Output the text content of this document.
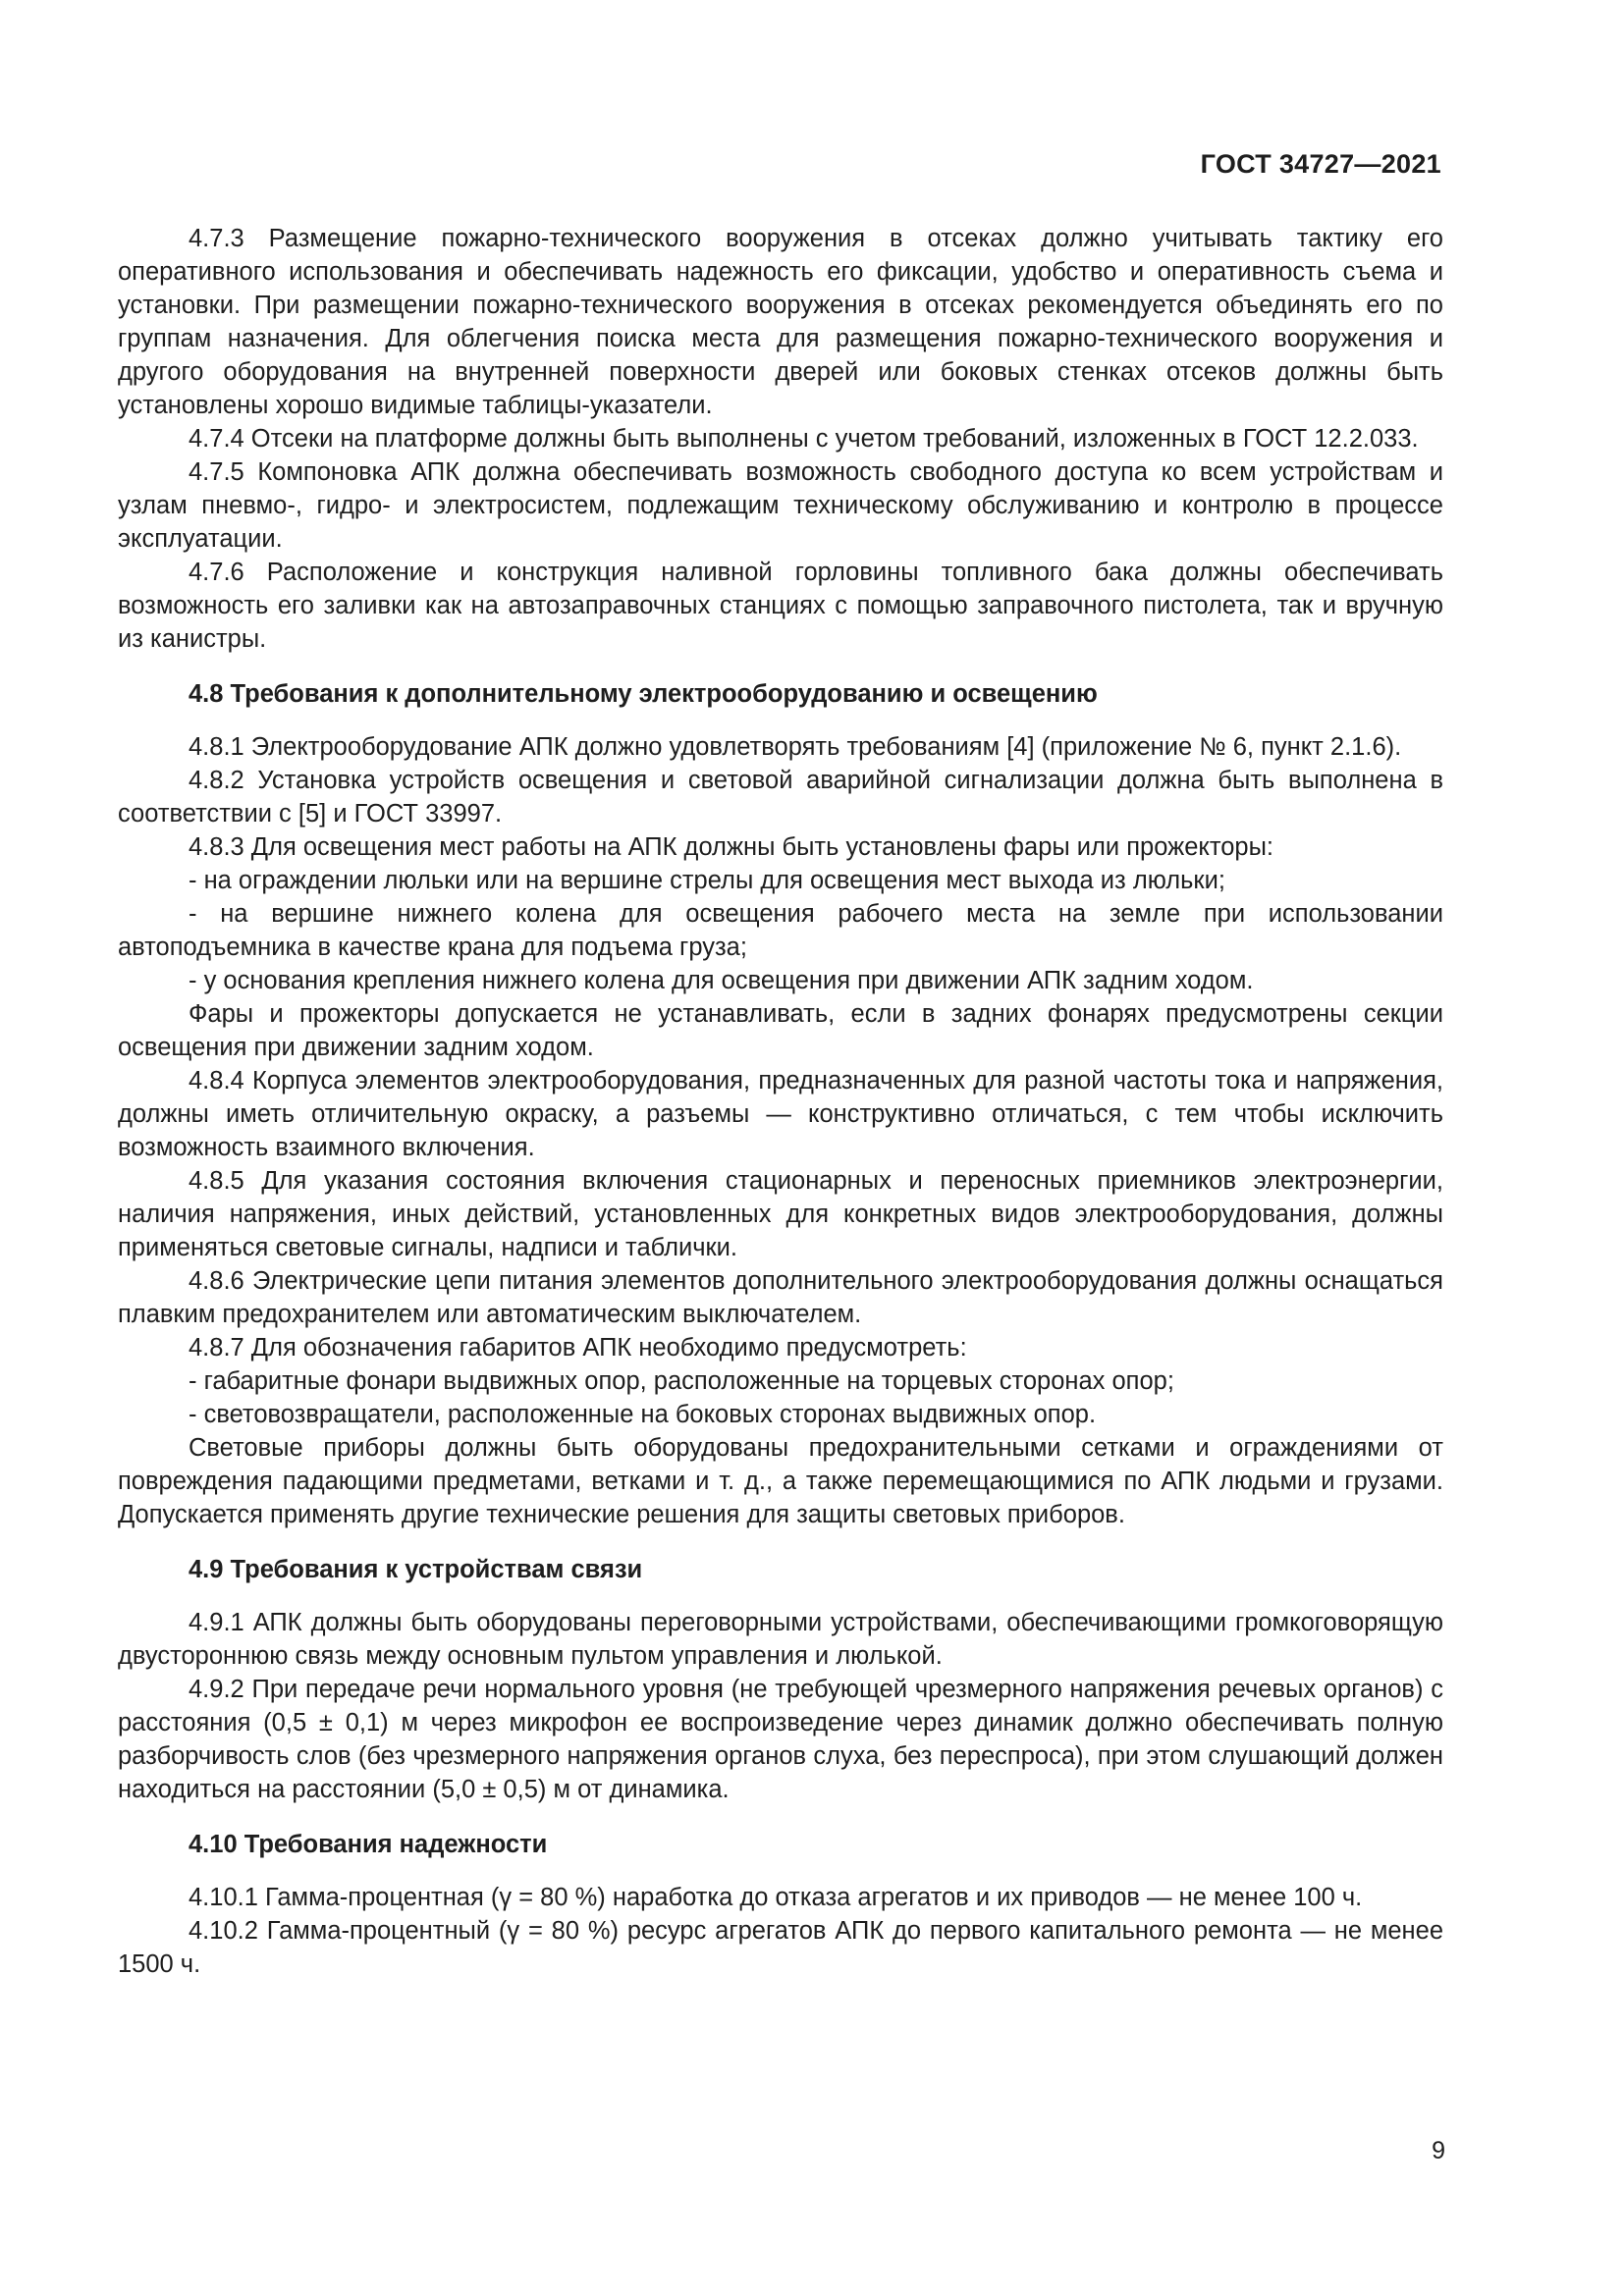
ГОСТ 34727—2021

4.7.3 Размещение пожарно-технического вооружения в отсеках должно учитывать тактику его оперативного использования и обеспечивать надежность его фиксации, удобство и оперативность съема и установки. При размещении пожарно-технического вооружения в отсеках рекомендуется объединять его по группам назначения. Для облегчения поиска места для размещения пожарно-технического вооружения и другого оборудования на внутренней поверхности дверей или боковых стенках отсеков должны быть установлены хорошо видимые таблицы-указатели.

4.7.4 Отсеки на платформе должны быть выполнены с учетом требований, изложенных в ГОСТ 12.2.033.

4.7.5 Компоновка АПК должна обеспечивать возможность свободного доступа ко всем устройствам и узлам пневмо-, гидро- и электросистем, подлежащим техническому обслуживанию и контролю в процессе эксплуатации.

4.7.6 Расположение и конструкция наливной горловины топливного бака должны обеспечивать возможность его заливки как на автозаправочных станциях с помощью заправочного пистолета, так и вручную из канистры.

4.8 Требования к дополнительному электрооборудованию и освещению

4.8.1 Электрооборудование АПК должно удовлетворять требованиям [4] (приложение № 6, пункт 2.1.6).

4.8.2 Установка устройств освещения и световой аварийной сигнализации должна быть выполнена в соответствии с [5] и ГОСТ 33997.

4.8.3 Для освещения мест работы на АПК должны быть установлены фары или прожекторы:

- на ограждении люльки или на вершине стрелы для освещения мест выхода из люльки;

- на вершине нижнего колена для освещения рабочего места на земле при использовании автоподъемника в качестве крана для подъема груза;

- у основания крепления нижнего колена для освещения при движении АПК задним ходом.

Фары и прожекторы допускается не устанавливать, если в задних фонарях предусмотрены секции освещения при движении задним ходом.

4.8.4 Корпуса элементов электрооборудования, предназначенных для разной частоты тока и напряжения, должны иметь отличительную окраску, а разъемы — конструктивно отличаться, с тем чтобы исключить возможность взаимного включения.

4.8.5 Для указания состояния включения стационарных и переносных приемников электроэнергии, наличия напряжения, иных действий, установленных для конкретных видов электрооборудования, должны применяться световые сигналы, надписи и таблички.

4.8.6 Электрические цепи питания элементов дополнительного электрооборудования должны оснащаться плавким предохранителем или автоматическим выключателем.

4.8.7 Для обозначения габаритов АПК необходимо предусмотреть:

- габаритные фонари выдвижных опор, расположенные на торцевых сторонах опор;

- световозвращатели, расположенные на боковых сторонах выдвижных опор.

Световые приборы должны быть оборудованы предохранительными сетками и ограждениями от повреждения падающими предметами, ветками и т. д., а также перемещающимися по АПК людьми и грузами. Допускается применять другие технические решения для защиты световых приборов.

4.9 Требования к устройствам связи

4.9.1 АПК должны быть оборудованы переговорными устройствами, обеспечивающими громкоговорящую двустороннюю связь между основным пультом управления и люлькой.

4.9.2 При передаче речи нормального уровня (не требующей чрезмерного напряжения речевых органов) с расстояния (0,5 ± 0,1) м через микрофон ее воспроизведение через динамик должно обеспечивать полную разборчивость слов (без чрезмерного напряжения органов слуха, без переспроса), при этом слушающий должен находиться на расстоянии (5,0 ± 0,5) м от динамика.

4.10 Требования надежности

4.10.1 Гамма-процентная (γ = 80 %) наработка до отказа агрегатов и их приводов — не менее 100 ч.

4.10.2 Гамма-процентный (γ = 80 %) ресурс агрегатов АПК до первого капитального ремонта — не менее 1500 ч.

9
